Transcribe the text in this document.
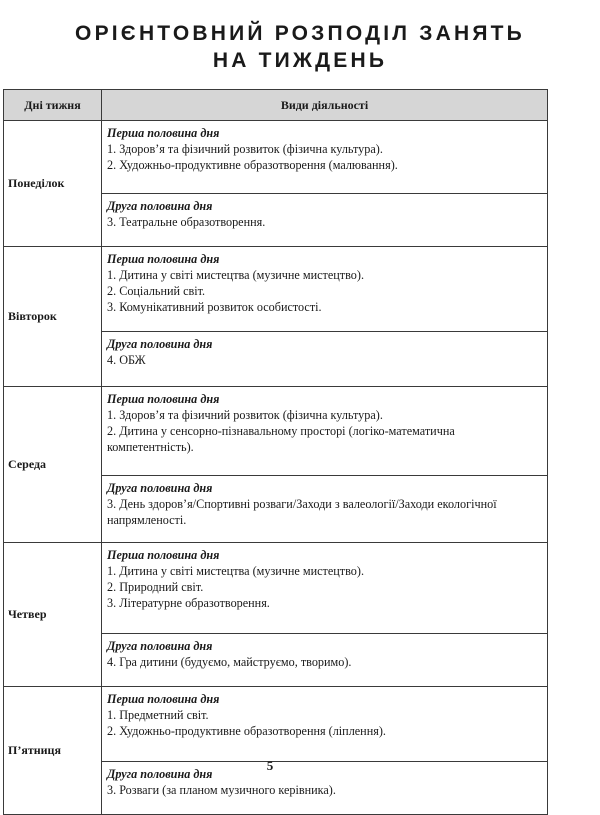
ОРІЄНТОВНИЙ РОЗПОДІЛ ЗАНЯТЬ
НА ТИЖДЕНЬ
Дні тижня	Види діяльності
Понеділок	Перша половина дня
1. Здоров’я та фізичний розвиток (фізична культура).
2. Художньо-продуктивне образотворення (малювання).

	Друга половина дня
3. Театральне образотворення.

Вівторок	Перша половина дня
1. Дитина у світі мистецтва (музичне мистецтво).
2. Соціальний світ.
3. Комунікативний розвиток особистості.

	Друга половина дня
4. ОБЖ

Середа	Перша половина дня
1. Здоров’я та фізичний розвиток (фізична культура).
2. Дитина у сенсорно-пізнавальному просторі (логіко-математична компетентність).

	Друга половина дня
3. День здоров’я/Спортивні розваги/Заходи з валеології/Заходи екологічної напрямленості.

Четвер	Перша половина дня
1. Дитина у світі мистецтва (музичне мистецтво).
2. Природний світ.
3. Літературне образотворення.

	Друга половина дня
4. Гра дитини (будуємо, майструємо, творимо).

П’ятниця	Перша половина дня
1. Предметний світ.
2. Художньо-продуктивне образотворення (ліплення).

	Друга половина дня
3. Розваги (за планом музичного керівника).
5
